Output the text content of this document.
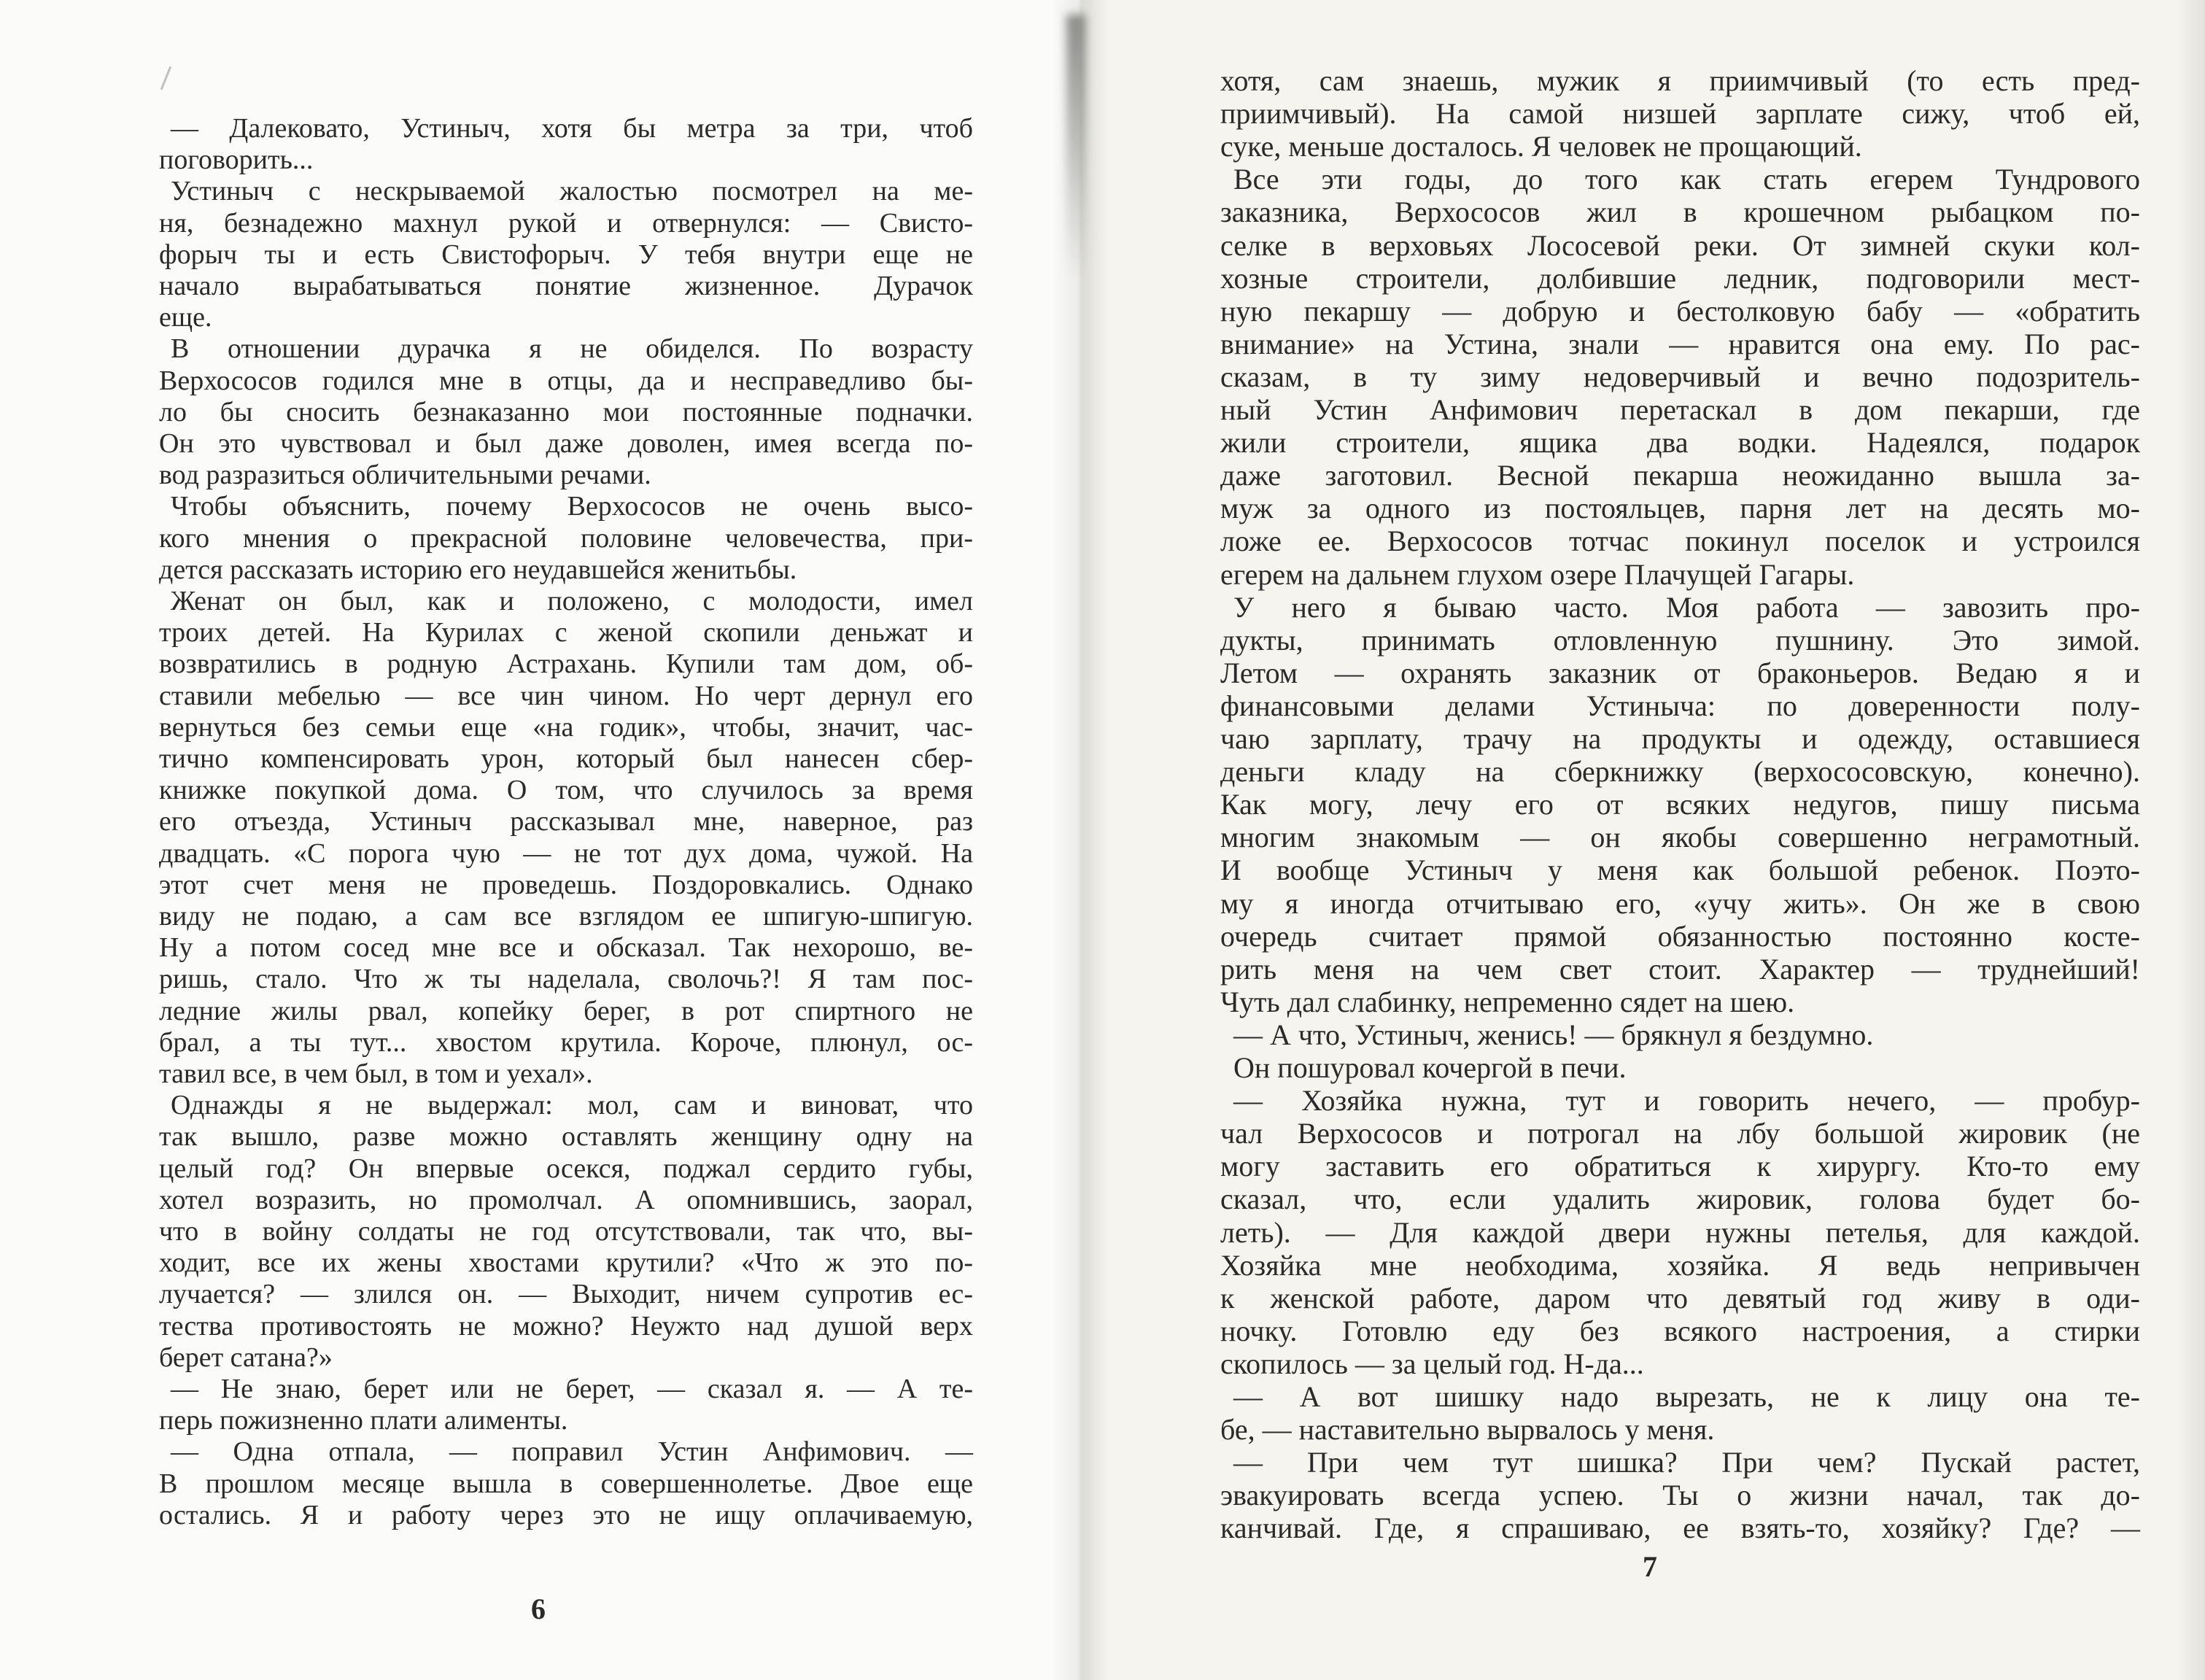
— Далековато, Устиныч, хотя бы метра за три, чтоб
поговорить...
Устиныч с нескрываемой жалостью посмотрел на ме-
ня, безнадежно махнул рукой и отвернулся: — Свисто-
форыч ты и есть Свистофорыч. У тебя внутри еще не
начало вырабатываться понятие жизненное. Дурачок
еще.
В отношении дурачка я не обиделся. По возрасту
Верхососов годился мне в отцы, да и несправедливо бы-
ло бы сносить безнаказанно мои постоянные подначки.
Он это чувствовал и был даже доволен, имея всегда по-
вод разразиться обличительными речами.
Чтобы объяснить, почему Верхососов не очень высо-
кого мнения о прекрасной половине человечества, при-
дется рассказать историю его неудавшейся женитьбы.
Женат он был, как и положено, с молодости, имел
троих детей. На Курилах с женой скопили деньжат и
возвратились в родную Астрахань. Купили там дом, об-
ставили мебелью — все чин чином. Но черт дернул его
вернуться без семьи еще «на годик», чтобы, значит, час-
тично компенсировать урон, который был нанесен сбер-
книжке покупкой дома. О том, что случилось за время
его отъезда, Устиныч рассказывал мне, наверное, раз
двадцать. «С порога чую — не тот дух дома, чужой. На
этот счет меня не проведешь. Поздоровкались. Однако
виду не подаю, а сам все взглядом ее шпигую-шпигую.
Ну а потом сосед мне все и обсказал. Так нехорошо, ве-
ришь, стало. Что ж ты наделала, сволочь?! Я там пос-
ледние жилы рвал, копейку берег, в рот спиртного не
брал, а ты тут... хвостом крутила. Короче, плюнул, ос-
тавил все, в чем был, в том и уехал».
Однажды я не выдержал: мол, сам и виноват, что
так вышло, разве можно оставлять женщину одну на
целый год? Он впервые осекся, поджал сердито губы,
хотел возразить, но промолчал. А опомнившись, заорал,
что в войну солдаты не год отсутствовали, так что, вы-
ходит, все их жены хвостами крутили? «Что ж это по-
лучается? — злился он. — Выходит, ничем супротив ес-
тества противостоять не можно? Неужто над душой верх
берет сатана?»
— Не знаю, берет или не берет, — сказал я. — А те-
перь пожизненно плати алименты.
— Одна отпала, — поправил Устин Анфимович. —
В прошлом месяце вышла в совершеннолетье. Двое еще
остались. Я и работу через это не ищу оплачиваемую,
хотя, сам знаешь, мужик я приимчивый (то есть пред-
приимчивый). На самой низшей зарплате сижу, чтоб ей,
суке, меньше досталось. Я человек не прощающий.
Все эти годы, до того как стать егерем Тундрового
заказника, Верхососов жил в крошечном рыбацком по-
селке в верховьях Лососевой реки. От зимней скуки кол-
хозные строители, долбившие ледник, подговорили мест-
ную пекаршу — добрую и бестолковую бабу — «обратить
внимание» на Устина, знали — нравится она ему. По рас-
сказам, в ту зиму недоверчивый и вечно подозритель-
ный Устин Анфимович перетаскал в дом пекарши, где
жили строители, ящика два водки. Надеялся, подарок
даже заготовил. Весной пекарша неожиданно вышла за-
муж за одного из постояльцев, парня лет на десять мо-
ложе ее. Верхососов тотчас покинул поселок и устроился
егерем на дальнем глухом озере Плачущей Гагары.
У него я бываю часто. Моя работа — завозить про-
дукты, принимать отловленную пушнину. Это зимой.
Летом — охранять заказник от браконьеров. Ведаю я и
финансовыми делами Устиныча: по доверенности полу-
чаю зарплату, трачу на продукты и одежду, оставшиеся
деньги кладу на сберкнижку (верхососовскую, конечно).
Как могу, лечу его от всяких недугов, пишу письма
многим знакомым — он якобы совершенно неграмотный.
И вообще Устиныч у меня как большой ребенок. Поэто-
му я иногда отчитываю его, «учу жить». Он же в свою
очередь считает прямой обязанностью постоянно косте-
рить меня на чем свет стоит. Характер — труднейший!
Чуть дал слабинку, непременно сядет на шею.
— А что, Устиныч, женись! — брякнул я бездумно.
Он пошуровал кочергой в печи.
— Хозяйка нужна, тут и говорить нечего, — пробур-
чал Верхососов и потрогал на лбу большой жировик (не
могу заставить его обратиться к хирургу. Кто-то ему
сказал, что, если удалить жировик, голова будет бо-
леть). — Для каждой двери нужны петелья, для каждой.
Хозяйка мне необходима, хозяйка. Я ведь непривычен
к женской работе, даром что девятый год живу в оди-
ночку. Готовлю еду без всякого настроения, а стирки
скопилось — за целый год. Н-да...
— А вот шишку надо вырезать, не к лицу она те-
бе, — наставительно вырвалось у меня.
— При чем тут шишка? При чем? Пускай растет,
эвакуировать всегда успею. Ты о жизни начал, так до-
канчивай. Где, я спрашиваю, ее взять-то, хозяйку? Где? —
6
7
